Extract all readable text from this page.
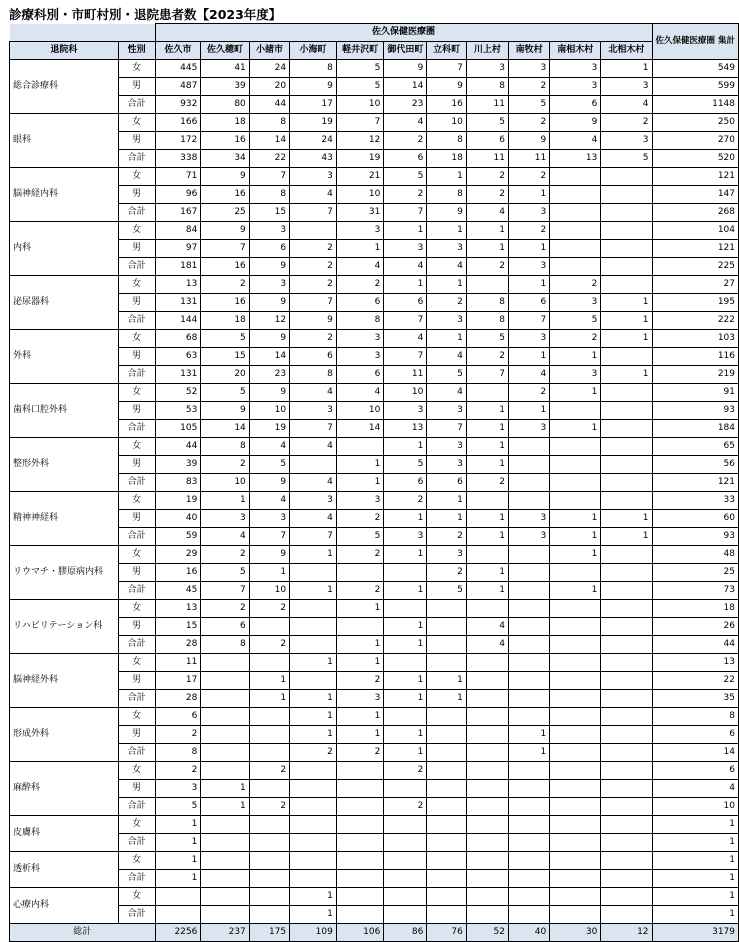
診療科別・市町村別・退院患者数【2023年度】
		佐久保健医療圏											佐久保健医療圏 集計
退院科	性別	佐久市	佐久穂町	小諸市	小海町	軽井沢町	御代田町	立科町	川上村	南牧村	南相木村	北相木村	
総合診療科	女	445	41	24	8	5	9	7	3	3	3	1	549
	男	487	39	20	9	5	14	9	8	2	3	3	599
	合計	932	80	44	17	10	23	16	11	5	6	4	1148
眼科	女	166	18	8	19	7	4	10	5	2	9	2	250
	男	172	16	14	24	12	2	8	6	9	4	3	270
	合計	338	34	22	43	19	6	18	11	11	13	5	520
脳神経内科	女	71	9	7	3	21	5	1	2	2			121
	男	96	16	8	4	10	2	8	2	1			147
	合計	167	25	15	7	31	7	9	4	3			268
内科	女	84	9	3		3	1	1	1	2			104
	男	97	7	6	2	1	3	3	1	1			121
	合計	181	16	9	2	4	4	4	2	3			225
泌尿器科	女	13	2	3	2	2	1	1		1	2		27
	男	131	16	9	7	6	6	2	8	6	3	1	195
	合計	144	18	12	9	8	7	3	8	7	5	1	222
外科	女	68	5	9	2	3	4	1	5	3	2	1	103
	男	63	15	14	6	3	7	4	2	1	1		116
	合計	131	20	23	8	6	11	5	7	4	3	1	219
歯科口腔外科	女	52	5	9	4	4	10	4		2	1		91
	男	53	9	10	3	10	3	3	1	1			93
	合計	105	14	19	7	14	13	7	1	3	1		184
整形外科	女	44	8	4	4		1	3	1				65
	男	39	2	5		1	5	3	1				56
	合計	83	10	9	4	1	6	6	2				121
精神神経科	女	19	1	4	3	3	2	1					33
	男	40	3	3	4	2	1	1	1	3	1	1	60
	合計	59	4	7	7	5	3	2	1	3	1	1	93
リウマチ・膠原病内科	女	29	2	9	1	2	1	3			1		48
	男	16	5	1				2	1				25
	合計	45	7	10	1	2	1	5	1		1		73
リハビリテーション科	女	13	2	2		1							18
	男	15	6				1		4				26
	合計	28	8	2		1	1		4				44
脳神経外科	女	11			1	1							13
	男	17		1		2	1	1					22
	合計	28		1	1	3	1	1					35
形成外科	女	6			1	1							8
	男	2			1	1	1			1			6
	合計	8			2	2	1			1			14
麻酔科	女	2		2			2						6
	男	3	1										4
	合計	5	1	2			2						10
皮膚科	女	1											1
	合計	1											1
透析科	女	1											1
	合計	1											1
心療内科	女				1								1
	合計				1								1
総計		2256	237	175	109	106	86	76	52	40	30	12	3179
